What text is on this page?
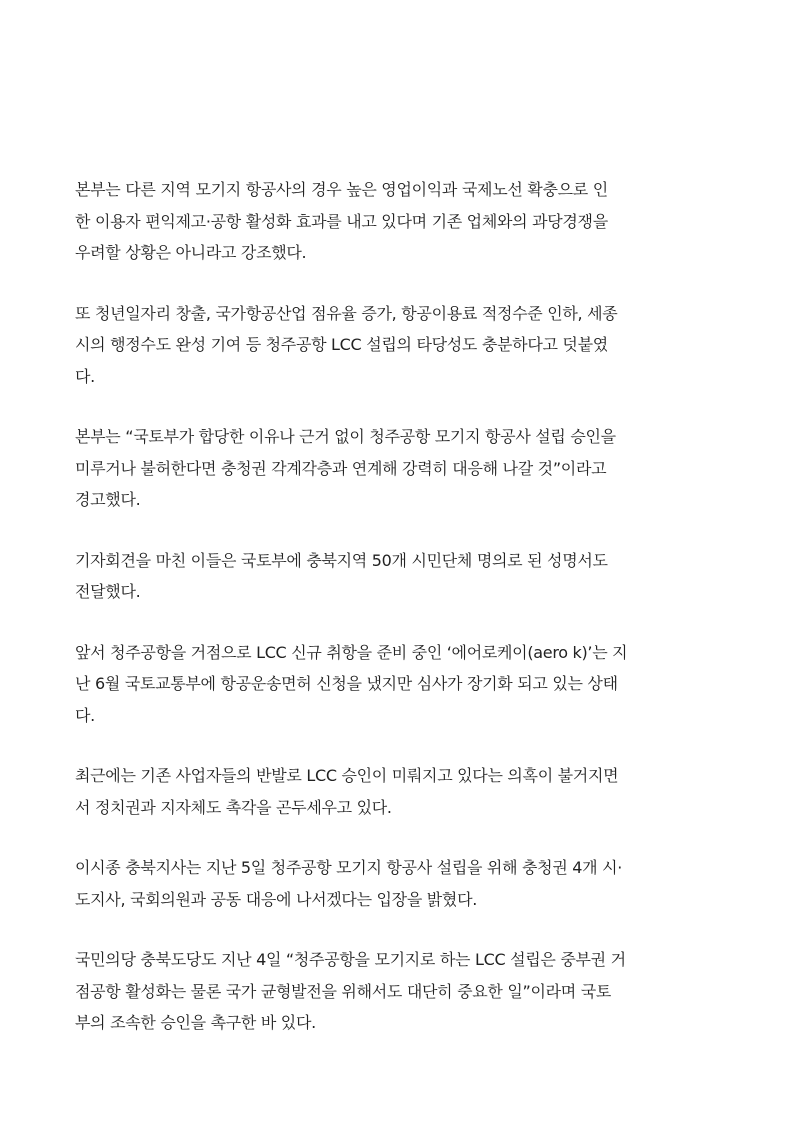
본부는 다른 지역 모기지 항공사의 경우 높은 영업이익과 국제노선 확충으로 인
한 이용자 편익제고·공항 활성화 효과를 내고 있다며 기존 업체와의 과당경쟁을
우려할 상황은 아니라고 강조했다.

또 청년일자리 창출, 국가항공산업 점유율 증가, 항공이용료 적정수준 인하, 세종
시의 행정수도 완성 기여 등 청주공항 LCC 설립의 타당성도 충분하다고 덧붙였
다.

본부는 “국토부가 합당한 이유나 근거 없이 청주공항 모기지 항공사 설립 승인을
미루거나 불허한다면 충청권 각계각층과 연계해 강력히 대응해 나갈 것”이라고
경고했다.

기자회견을 마친 이들은 국토부에 충북지역 50개 시민단체 명의로 된 성명서도
전달했다.

앞서 청주공항을 거점으로 LCC 신규 취항을 준비 중인 ‘에어로케이(aero k)’는 지
난 6월 국토교통부에 항공운송면허 신청을 냈지만 심사가 장기화 되고 있는 상태
다.

최근에는 기존 사업자들의 반발로 LCC 승인이 미뤄지고 있다는 의혹이 불거지면
서 정치권과 지자체도 촉각을 곤두세우고 있다.

이시종 충북지사는 지난 5일 청주공항 모기지 항공사 설립을 위해 충청권 4개 시·
도지사, 국회의원과 공동 대응에 나서겠다는 입장을 밝혔다.

국민의당 충북도당도 지난 4일 “청주공항을 모기지로 하는 LCC 설립은 중부권 거
점공항 활성화는 물론 국가 균형발전을 위해서도 대단히 중요한 일”이라며 국토
부의 조속한 승인을 촉구한 바 있다.
